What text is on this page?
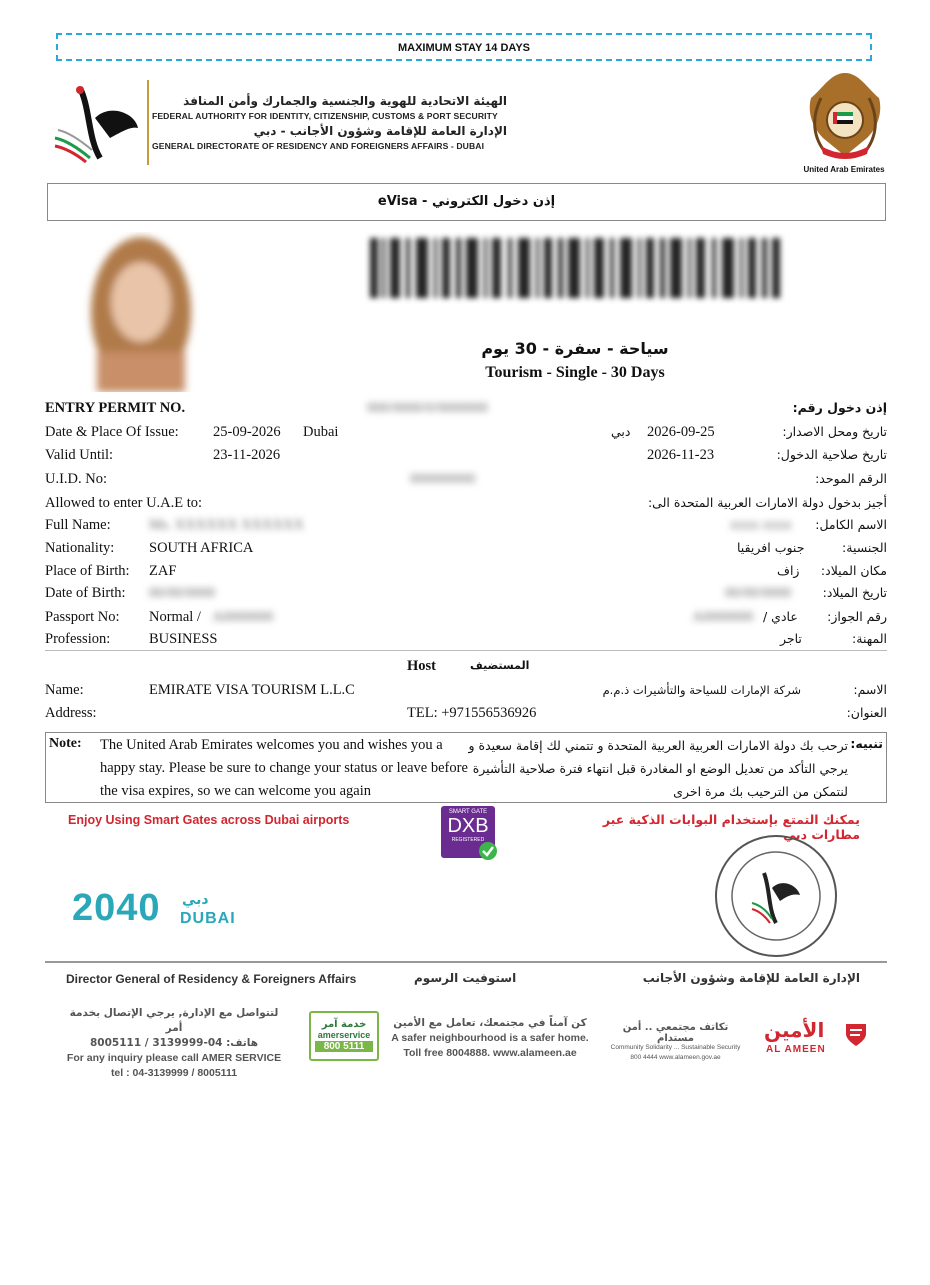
MAXIMUM STAY 14 DAYS
الهيئة الاتحادية للهوية والجنسية والجمارك وأمن المنافذ
FEDERAL AUTHORITY FOR IDENTITY, CITIZENSHIP, CUSTOMS & PORT SECURITY
الإدارة العامة للإقامة وشؤون الأجانب - دبي
GENERAL DIRECTORATE OF RESIDENCY AND FOREIGNERS AFFAIRS - DUBAI
United Arab Emirates
إذن دخول الكتروني - eVisa
سياحة - سفرة - 30 يوم
Tourism - Single - 30 Days
ENTRY PERMIT NO.	000/0000/0/0000000	إذن دخول رقم:
Date & Place Of Issue: 25-09-2026 Dubai	دبي 2026-09-25	تاريخ ومحل الاصدار:
Valid Until:	23-11-2026	2026-11-23	تاريخ صلاحية الدخول:
U.I.D. No:	000000000	الرقم الموحد:
Allowed to enter U.A.E to:	أجيز بدخول دولة الامارات العربية المتحدة الى:
Full Name:	Ms. XXXXXX XXXXXX	xxxx xxxx الاسم الكامل:
Nationality: SOUTH AFRICA	جنوب افريقيا	الجنسية:
Place of Birth: ZAF	زاف مكان الميلاد:
Date of Birth: 00/00/0000	00/00/0000	تاريخ الميلاد:
Passport No: Normal / A0000000	A0000000 عادي / رقم الجواز:
Profession:	BUSINESS	تاجر	المهنة:
Host	المستضيف
Name:	EMIRATE VISA TOURISM L.L.C	شركة الإمارات للسياحة والتأشيرات ذ.م.م	الاسم:
Address:	TEL: +971556536926	العنوان:
Note: The United Arab Emirates welcomes you and wishes you a happy stay. Please be sure to change your status or leave before the visa expires, so we can welcome you again
ترحب بك دولة الامارات العربية العربية المتحدة و تتمني لك إقامة سعيدة و يرجي التأكد من تعديل الوضع او المغادرة قبل انتهاء فترة صلاحية التأشيرة لنتمكن من الترحيب بك مرة اخرى
تنبيه:
Enjoy Using Smart Gates across Dubai airports
SMART GATE
DXB
REGISTERED
يمكنك التمتع بإستخدام البوابات الذكية عبر مطارات دبي
2040 دبي
DUBAI
Director General of Residency & Foreigners Affairs	استوفيت الرسوم	الإدارة العامة للإقامة وشؤون الأجانب
لتتواصل مع الإدارة, يرجي الإتصال بخدمة أمر
هاتف: 04-3139999 / 8005111
For any inquiry please call AMER SERVICE
tel : 04-3139999 / 8005111
خدمة آمر
amerservice
800 5111
كن آمناً في مجتمعك، تعامل مع الأمين
A safer neighbourhood is a safer home.
Toll free 8004888. www.alameen.ae
تكاتف مجتمعي .. أمن مستدام
Community Solidarity ... Sustainable Security
800 4444 www.alameen.gov.ae
الأمين
AL AMEEN
